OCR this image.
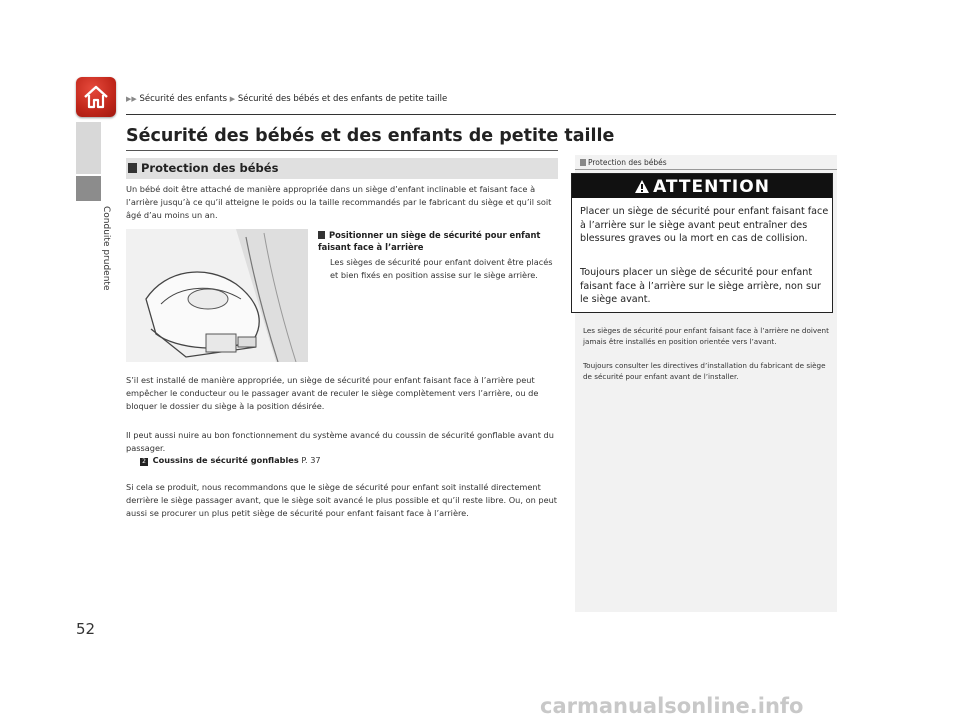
Conduite prudente
▶▶ Sécurité des enfants ▶ Sécurité des bébés et des enfants de petite taille
Sécurité des bébés et des enfants de petite taille
Protection des bébés
Un bébé doit être attaché de manière appropriée dans un siège d’enfant inclinable et faisant face à l’arrière jusqu’à ce qu’il atteigne le poids ou la taille recommandés par le fabricant du siège et qu’il soit âgé d’au moins un an.
Positionner un siège de sécurité pour enfant faisant face à l’arrière
Les sièges de sécurité pour enfant doivent être placés et bien fixés en position assise sur le siège arrière.
S’il est installé de manière appropriée, un siège de sécurité pour enfant faisant face à l’arrière peut empêcher le conducteur ou le passager avant de reculer le siège complètement vers l’arrière, ou de bloquer le dossier du siège à la position désirée.
Il peut aussi nuire au bon fonctionnement du système avancé du coussin de sécurité gonflable avant du passager.
2 Coussins de sécurité gonflables P. 37
Si cela se produit, nous recommandons que le siège de sécurité pour enfant soit installé directement derrière le siège passager avant, que le siège soit avancé le plus possible et qu’il reste libre. Ou, on peut aussi se procurer un plus petit siège de sécurité pour enfant faisant face à l’arrière.
Protection des bébés
ATTENTION
Placer un siège de sécurité pour enfant faisant face à l’arrière sur le siège avant peut entraîner des blessures graves ou la mort en cas de collision.
Toujours placer un siège de sécurité pour enfant faisant face à l’arrière sur le siège arrière, non sur le siège avant.
Les sièges de sécurité pour enfant faisant face à l’arrière ne doivent jamais être installés en position orientée vers l’avant.
Toujours consulter les directives d’installation du fabricant de siège de sécurité pour enfant avant de l’installer.
52
carmanualsonline.info
